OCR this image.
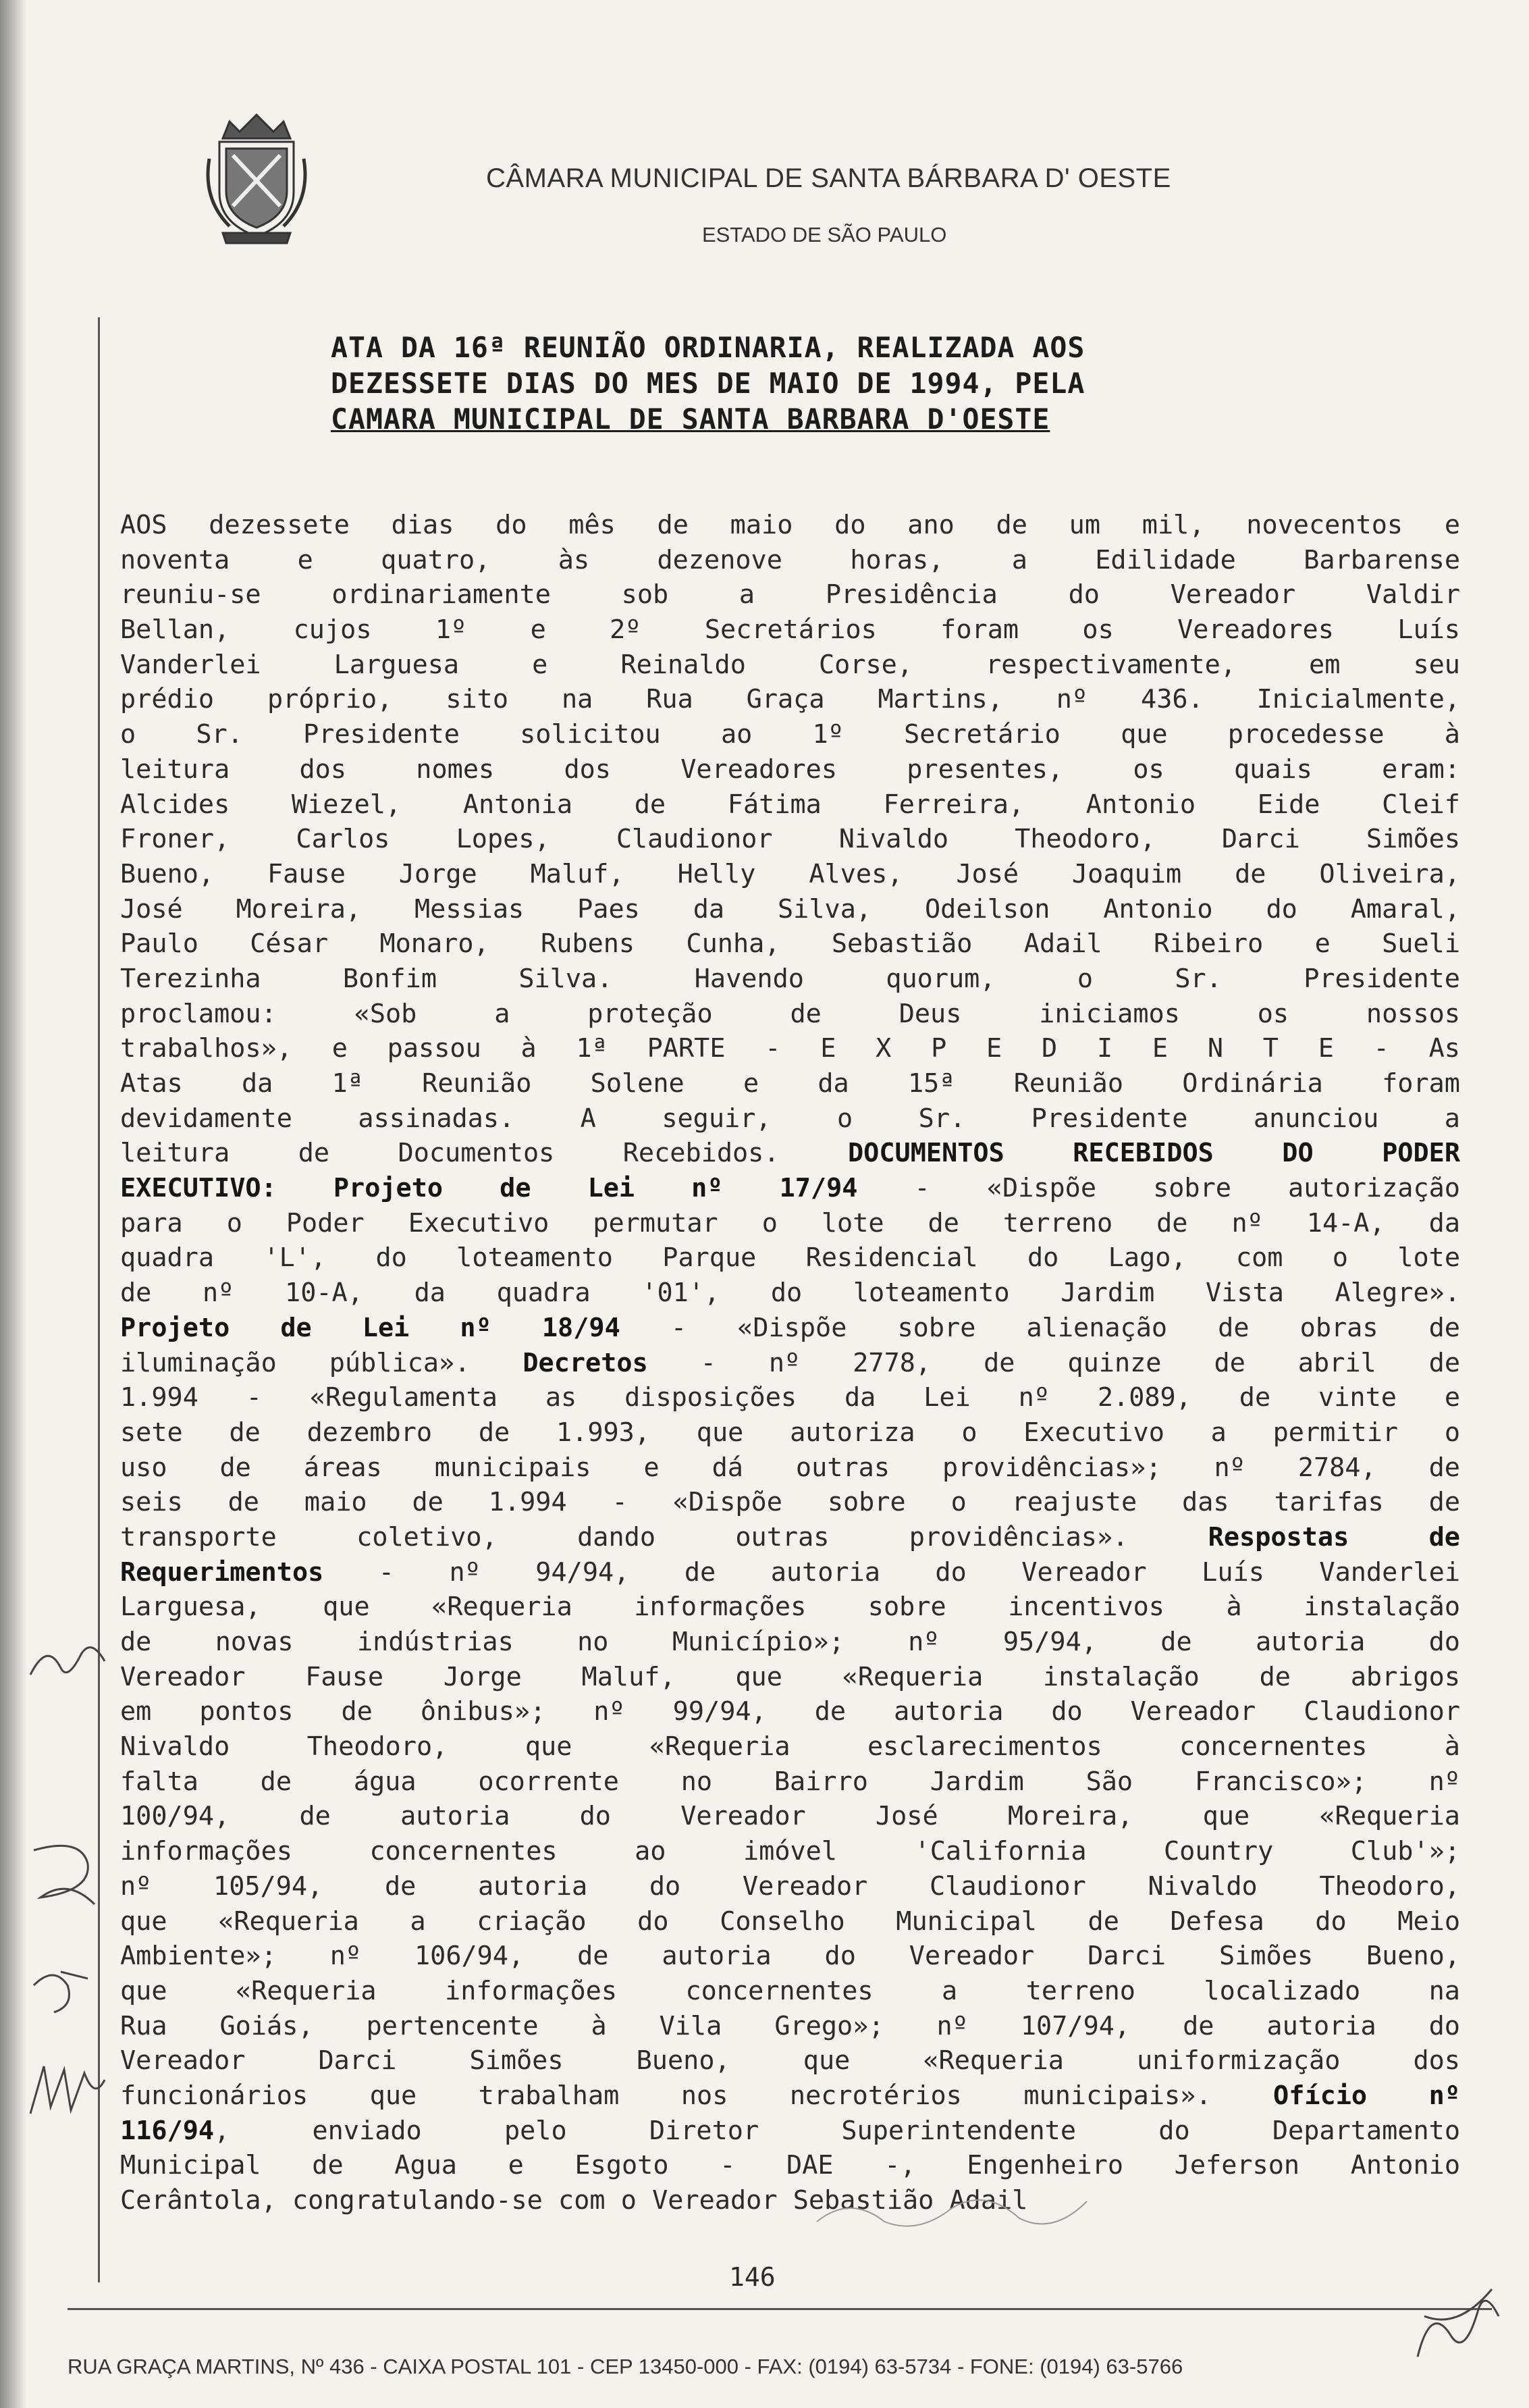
CÂMARA MUNICIPAL DE SANTA BÁRBARA D' OESTE
ESTADO DE SÃO PAULO
ATA DA 16ª REUNIÃO ORDINARIA, REALIZADA AOS
DEZESSETE DIAS DO MES DE MAIO DE 1994, PELA
CAMARA MUNICIPAL DE SANTA BARBARA D'OESTE
AOS dezessete dias do mês de maio do ano de um mil, novecentos e
noventa e quatro, às dezenove horas, a Edilidade Barbarense
reuniu-se ordinariamente sob a Presidência do Vereador Valdir
Bellan, cujos 1º e 2º Secretários foram os Vereadores Luís
Vanderlei Larguesa e Reinaldo Corse, respectivamente, em seu
prédio próprio, sito na Rua Graça Martins, nº 436. Inicialmente,
o Sr. Presidente solicitou ao 1º Secretário que procedesse à
leitura dos nomes dos Vereadores presentes, os quais eram:
Alcides Wiezel, Antonia de Fátima Ferreira, Antonio Eide Cleif
Froner, Carlos Lopes, Claudionor Nivaldo Theodoro, Darci Simões
Bueno, Fause Jorge Maluf, Helly Alves, José Joaquim de Oliveira,
José Moreira, Messias Paes da Silva, Odeilson Antonio do Amaral,
Paulo César Monaro, Rubens Cunha, Sebastião Adail Ribeiro e Sueli
Terezinha Bonfim Silva. Havendo quorum, o Sr. Presidente
proclamou: «Sob a proteção de Deus iniciamos os nossos
trabalhos», e passou à 1ª PARTE - E X P E D I E N T E - As
Atas da 1ª Reunião Solene e da 15ª Reunião Ordinária foram
devidamente assinadas. A seguir, o Sr. Presidente anunciou a
leitura de Documentos Recebidos. DOCUMENTOS RECEBIDOS DO PODER
EXECUTIVO: Projeto de Lei nº 17/94 - «Dispõe sobre autorização
para o Poder Executivo permutar o lote de terreno de nº 14-A, da
quadra 'L', do loteamento Parque Residencial do Lago, com o lote
de nº 10-A, da quadra '01', do loteamento Jardim Vista Alegre».
Projeto de Lei nº 18/94 - «Dispõe sobre alienação de obras de
iluminação pública». Decretos - nº 2778, de quinze de abril de
1.994 - «Regulamenta as disposições da Lei nº 2.089, de vinte e
sete de dezembro de 1.993, que autoriza o Executivo a permitir o
uso de áreas municipais e dá outras providências»; nº 2784, de
seis de maio de 1.994 - «Dispõe sobre o reajuste das tarifas de
transporte coletivo, dando outras providências». Respostas de
Requerimentos - nº 94/94, de autoria do Vereador Luís Vanderlei
Larguesa, que «Requeria informações sobre incentivos à instalação
de novas indústrias no Município»; nº 95/94, de autoria do
Vereador Fause Jorge Maluf, que «Requeria instalação de abrigos
em pontos de ônibus»; nº 99/94, de autoria do Vereador Claudionor
Nivaldo Theodoro, que «Requeria esclarecimentos concernentes à
falta de água ocorrente no Bairro Jardim São Francisco»; nº
100/94, de autoria do Vereador José Moreira, que «Requeria
informações concernentes ao imóvel 'California Country Club'»;
nº 105/94, de autoria do Vereador Claudionor Nivaldo Theodoro,
que «Requeria a criação do Conselho Municipal de Defesa do Meio
Ambiente»; nº 106/94, de autoria do Vereador Darci Simões Bueno,
que «Requeria informações concernentes a terreno localizado na
Rua Goiás, pertencente à Vila Grego»; nº 107/94, de autoria do
Vereador Darci Simões Bueno, que «Requeria uniformização dos
funcionários que trabalham nos necrotérios municipais». Ofício nº
116/94, enviado pelo Diretor Superintendente do Departamento
Municipal de Agua e Esgoto - DAE -, Engenheiro Jeferson Antonio
Cerântola, congratulando-se com o Vereador Sebastião Adail
146
RUA GRAÇA MARTINS, Nº 436 - CAIXA POSTAL 101 - CEP 13450-000 - FAX: (0194) 63-5734 - FONE: (0194) 63-5766
